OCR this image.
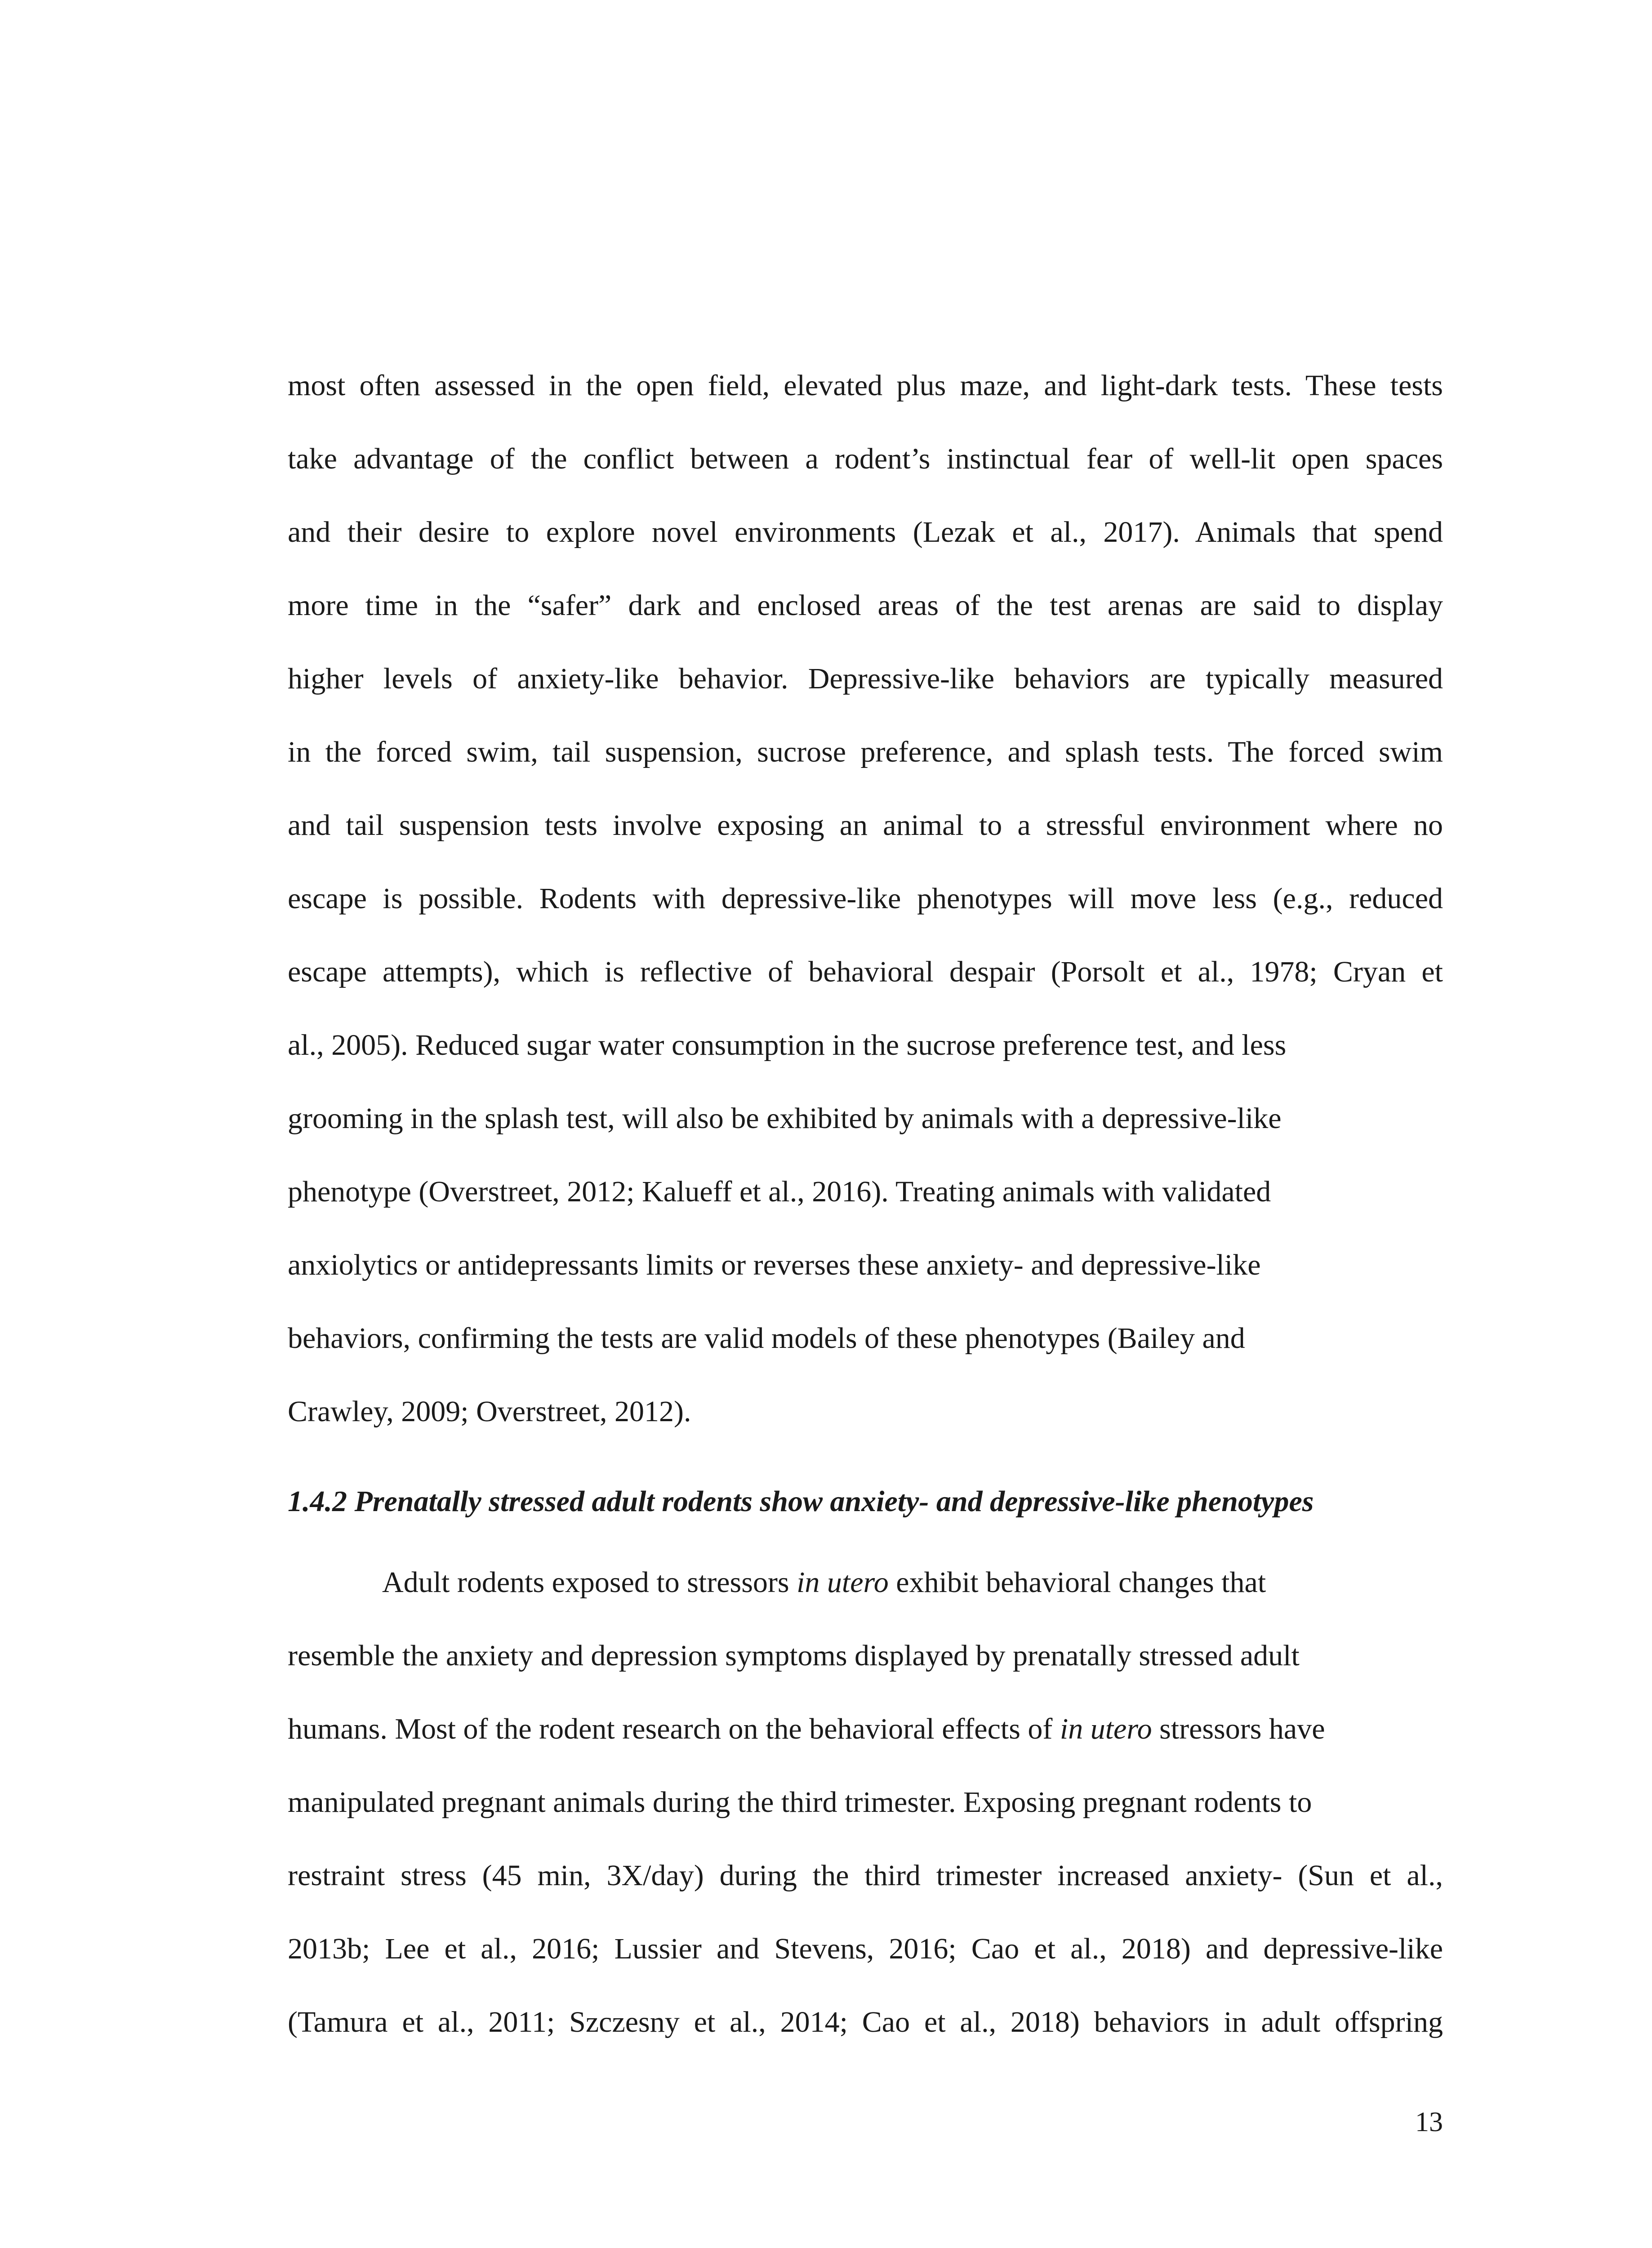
most often assessed in the open field, elevated plus maze, and light-dark tests. These tests
take advantage of the conflict between a rodent’s instinctual fear of well-lit open spaces
and their desire to explore novel environments (Lezak et al., 2017). Animals that spend
more time in the “safer” dark and enclosed areas of the test arenas are said to display
higher levels of anxiety-like behavior. Depressive-like behaviors are typically measured
in the forced swim, tail suspension, sucrose preference, and splash tests. The forced swim
and tail suspension tests involve exposing an animal to a stressful environment where no
escape is possible. Rodents with depressive-like phenotypes will move less (e.g., reduced
escape attempts), which is reflective of behavioral despair (Porsolt et al., 1978; Cryan et
al., 2005). Reduced sugar water consumption in the sucrose preference test, and less
grooming in the splash test, will also be exhibited by animals with a depressive-like
phenotype (Overstreet, 2012; Kalueff et al., 2016). Treating animals with validated
anxiolytics or antidepressants limits or reverses these anxiety- and depressive-like
behaviors, confirming the tests are valid models of these phenotypes (Bailey and
Crawley, 2009; Overstreet, 2012).
1.4.2 Prenatally stressed adult rodents show anxiety- and depressive-like phenotypes
Adult rodents exposed to stressors in utero exhibit behavioral changes that
resemble the anxiety and depression symptoms displayed by prenatally stressed adult
humans. Most of the rodent research on the behavioral effects of in utero stressors have
manipulated pregnant animals during the third trimester. Exposing pregnant rodents to
restraint stress (45 min, 3X/day) during the third trimester increased anxiety- (Sun et al.,
2013b; Lee et al., 2016; Lussier and Stevens, 2016; Cao et al., 2018) and depressive-like
(Tamura et al., 2011; Szczesny et al., 2014; Cao et al., 2018) behaviors in adult offspring
13
